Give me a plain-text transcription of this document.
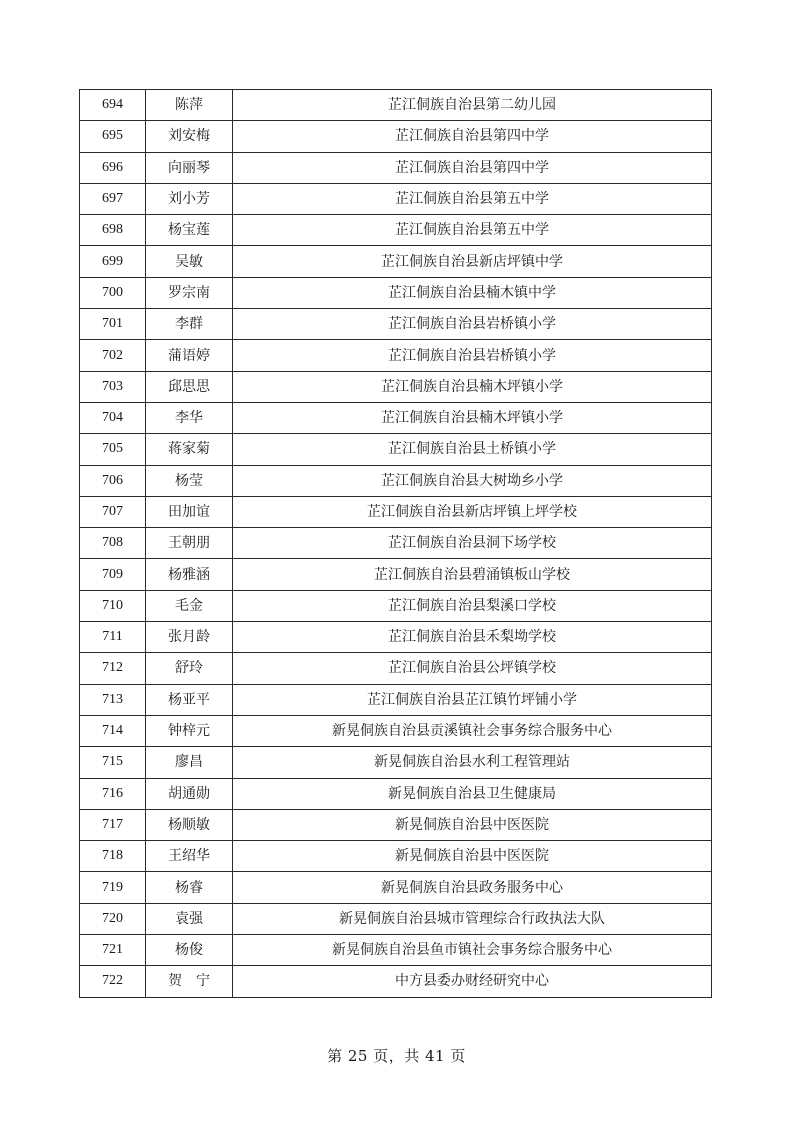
694	陈萍	芷江侗族自治县第二幼儿园
695	刘安梅	芷江侗族自治县第四中学
696	向丽琴	芷江侗族自治县第四中学
697	刘小芳	芷江侗族自治县第五中学
698	杨宝莲	芷江侗族自治县第五中学
699	吴敏	芷江侗族自治县新店坪镇中学
700	罗宗南	芷江侗族自治县楠木镇中学
701	李群	芷江侗族自治县岩桥镇小学
702	蒲语婷	芷江侗族自治县岩桥镇小学
703	邱思思	芷江侗族自治县楠木坪镇小学
704	李华	芷江侗族自治县楠木坪镇小学
705	蒋家菊	芷江侗族自治县土桥镇小学
706	杨莹	芷江侗族自治县大树坳乡小学
707	田加谊	芷江侗族自治县新店坪镇上坪学校
708	王朝朋	芷江侗族自治县洞下场学校
709	杨雅涵	芷江侗族自治县碧涌镇板山学校
710	毛金	芷江侗族自治县梨溪口学校
711	张月龄	芷江侗族自治县禾梨坳学校
712	舒玲	芷江侗族自治县公坪镇学校
713	杨亚平	芷江侗族自治县芷江镇竹坪铺小学
714	钟梓元	新晃侗族自治县贡溪镇社会事务综合服务中心
715	廖昌	新晃侗族自治县水利工程管理站
716	胡通勋	新晃侗族自治县卫生健康局
717	杨顺敏	新晃侗族自治县中医医院
718	王绍华	新晃侗族自治县中医医院
719	杨睿	新晃侗族自治县政务服务中心
720	袁强	新晃侗族自治县城市管理综合行政执法大队
721	杨俊	新晃侗族自治县鱼市镇社会事务综合服务中心
722	贺　宁	中方县委办财经研究中心
第 25 页，共 41 页
